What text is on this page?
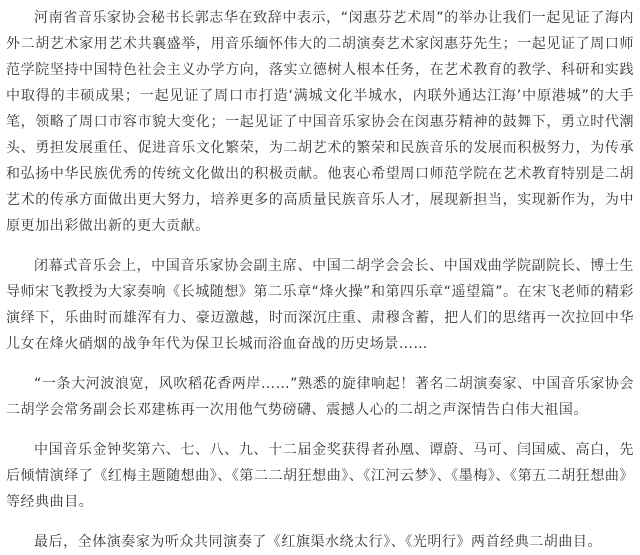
河南省音乐家协会秘书长郭志华在致辞中表示，“闵惠芬艺术周”的举办让我们一起见证了海内外二胡艺术家用艺术共襄盛举，用音乐缅怀伟大的二胡演奏艺术家闵惠芬先生；一起见证了周口师范学院坚持中国特色社会主义办学方向，落实立德树人根本任务，在艺术教育的教学、科研和实践中取得的丰硕成果；一起见证了周口市打造‘满城文化半城水，内联外通达江海’中原港城”的大手笔，领略了周口市容市貌大变化；一起见证了中国音乐家协会在闵惠芬精神的鼓舞下，勇立时代潮头、勇担发展重任、促进音乐文化繁荣，为二胡艺术的繁荣和民族音乐的发展而积极努力，为传承和弘扬中华民族优秀的传统文化做出的积极贡献。他衷心希望周口师范学院在艺术教育特别是二胡艺术的传承方面做出更大努力，培养更多的高质量民族音乐人才，展现新担当，实现新作为，为中原更加出彩做出新的更大贡献。

闭幕式音乐会上，中国音乐家协会副主席、中国二胡学会会长、中国戏曲学院副院长、博士生导师宋飞教授为大家奏响《长城随想》第二乐章“烽火操”和第四乐章“遥望篇”。在宋飞老师的精彩演绎下，乐曲时而雄浑有力、豪迈激越，时而深沉庄重、肃穆含蓄，把人们的思绪再一次拉回中华儿女在烽火硝烟的战争年代为保卫长城而浴血奋战的历史场景……

“一条大河波浪宽，风吹稻花香两岸……”熟悉的旋律响起！著名二胡演奏家、中国音乐家协会二胡学会常务副会长邓建栋再一次用他气势磅礴、震撼人心的二胡之声深情告白伟大祖国。

中国音乐金钟奖第六、七、八、九、十二届金奖获得者孙凰、谭蔚、马可、闫国威、高白，先后倾情演绎了《红梅主题随想曲》、《第二二胡狂想曲》、《江河云梦》、《墨梅》、《第五二胡狂想曲》等经典曲目。

最后，全体演奏家为听众共同演奏了《红旗渠水绕太行》、《光明行》两首经典二胡曲目。
